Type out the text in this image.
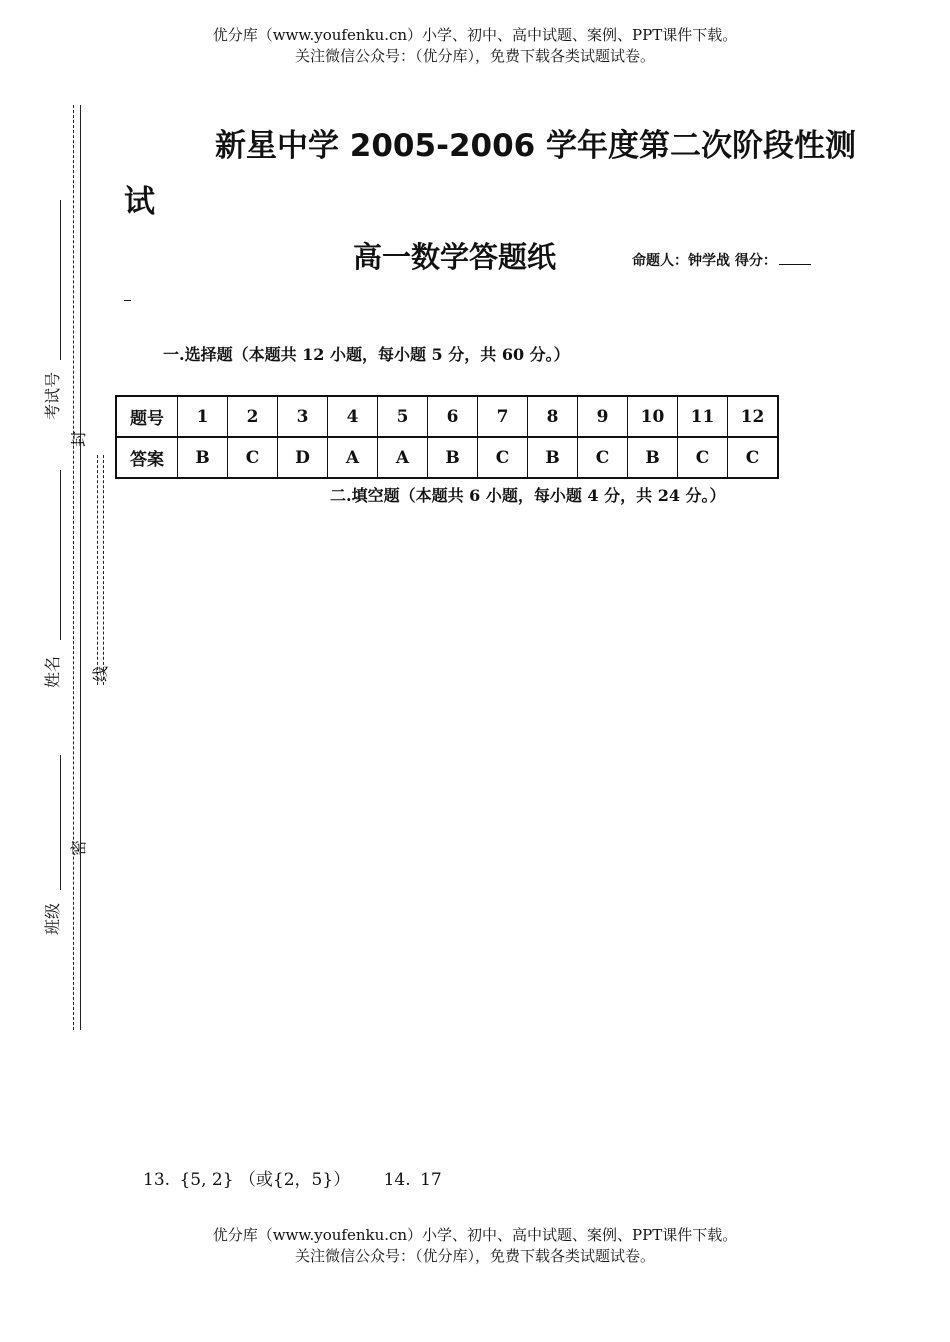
优分库（www.youfenku.cn）小学、初中、高中试题、案例、PPT课件下载。
关注微信公众号：（优分库），免费下载各类试题试卷。
考试号
封
姓名 线
密
班级
新星中学 2005-2006 学年度第二次阶段性测
试
高一数学答题纸	命题人：钟学战 得分：
一.选择题（本题共 12 小题，每小题 5 分，共 60 分。）
题号	1	2	3	4	5	6	7	8	9	10	11	12
答案	B	C	D	A	A	B	C	B	C	B	C	C
二.填空题（本题共 6 小题，每小题 4 分，共 24 分。）
13. {5, 2} （或{2，5}） 14. 17
优分库（www.youfenku.cn）小学、初中、高中试题、案例、PPT课件下载。
关注微信公众号：（优分库），免费下载各类试题试卷。
